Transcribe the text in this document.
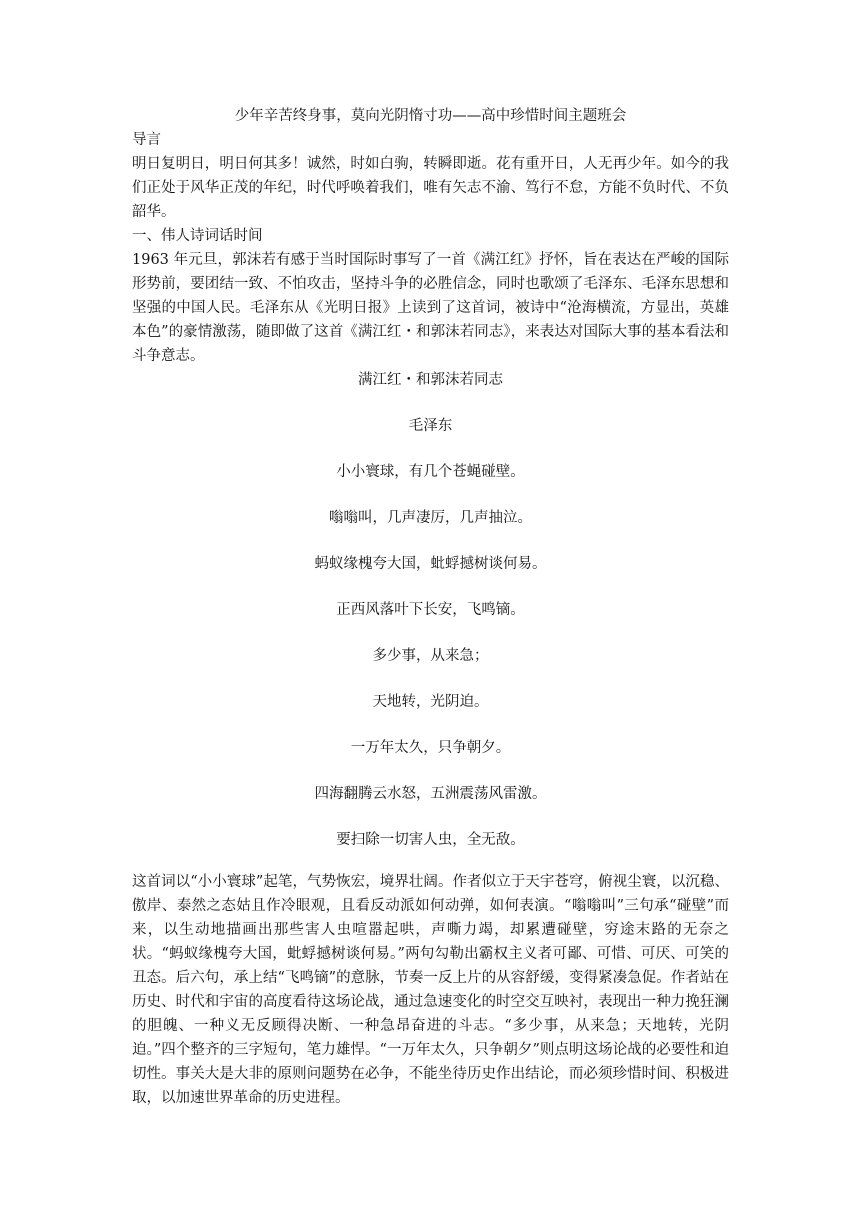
少年辛苦终身事，莫向光阴惰寸功——高中珍惜时间主题班会

导言

明日复明日，明日何其多！诚然，时如白驹，转瞬即逝。花有重开日，人无再少年。如今的我们正处于风华正茂的年纪，时代呼唤着我们，唯有矢志不渝、笃行不怠，方能不负时代、不负韶华。

一、伟人诗词话时间

1963 年元旦，郭沫若有感于当时国际时事写了一首《满江红》抒怀，旨在表达在严峻的国际形势前，要团结一致、不怕攻击，坚持斗争的必胜信念，同时也歌颂了毛泽东、毛泽东思想和坚强的中国人民。毛泽东从《光明日报》上读到了这首词，被诗中“沧海横流，方显出，英雄本色”的豪情激荡，随即做了这首《满江红・和郭沫若同志》，来表达对国际大事的基本看法和斗争意志。

满江红・和郭沫若同志

毛泽东

小小寰球，有几个苍蝇碰壁。

嗡嗡叫，几声凄厉，几声抽泣。

蚂蚁缘槐夸大国，蚍蜉撼树谈何易。

正西风落叶下长安，飞鸣镝。

多少事，从来急；

天地转，光阴迫。

一万年太久，只争朝夕。

四海翻腾云水怒，五洲震荡风雷激。

要扫除一切害人虫，全无敌。

这首词以“小小寰球”起笔，气势恢宏，境界壮阔。作者似立于天宇苍穹，俯视尘寰，以沉稳、傲岸、泰然之态姑且作冷眼观，且看反动派如何动弹，如何表演。“嗡嗡叫”三句承“碰壁”而来，以生动地描画出那些害人虫喧嚣起哄，声嘶力竭，却累遭碰壁，穷途末路的无奈之状。“蚂蚁缘槐夸大国，蚍蜉撼树谈何易。”两句勾勒出霸权主义者可鄙、可惜、可厌、可笑的丑态。后六句，承上结“飞鸣镝”的意脉，节奏一反上片的从容舒缓，变得紧凑急促。作者站在历史、时代和宇宙的高度看待这场论战，通过急速变化的时空交互映衬，表现出一种力挽狂澜的胆魄、一种义无反顾得决断、一种急昂奋进的斗志。“多少事，从来急；天地转，光阴迫。”四个整齐的三字短句，笔力雄悍。“一万年太久，只争朝夕”则点明这场论战的必要性和迫切性。事关大是大非的原则问题势在必争，不能坐待历史作出结论，而必须珍惜时间、积极进取，以加速世界革命的历史进程。
